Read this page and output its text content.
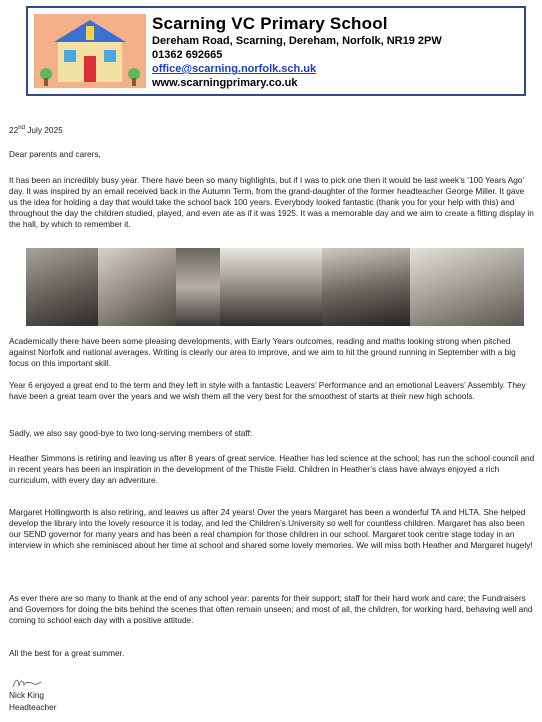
Scarning VC Primary School
Dereham Road, Scarning, Dereham, Norfolk, NR19 2PW
01362 692665
office@scarning.norfolk.sch.uk
www.scarningprimary.co.uk
22nd July 2025
Dear parents and carers,

It has been an incredibly busy year. There have been so many highlights, but if I was to pick one then it would be last week’s ‘100 Years Ago’ day. It was inspired by an email received back in the Autumn Term, from the grand-daughter of the former headteacher George Miller. It gave us the idea for holding a day that would take the school back 100 years. Everybody looked fantastic (thank you for your help with this) and throughout the day the children studied, played, and even ate as if it was 1925. It was a memorable day and we aim to create a fitting display in the hall, by which to remember it.

Academically there have been some pleasing developments, with Early Years outcomes, reading and maths looking strong when pitched against Norfolk and national averages. Writing is clearly our area to improve, and we aim to hit the ground running in September with a big focus on this important skill.

Year 6 enjoyed a great end to the term and they left in style with a fantastic Leavers’ Performance and an emotional Leavers’ Assembly. They have been a great team over the years and we wish them all the very best for the smoothest of starts at their new high schools.

Sadly, we also say good-bye to two long-serving members of staff:

Heather Simmons is retiring and leaving us after 8 years of great service. Heather has led science at the school; has run the school council and in recent years has been an inspiration in the development of the Thistle Field. Children in Heather’s class have always enjoyed a rich curriculum, with every day an adventure.

Margaret Hollingworth is also retiring, and leaves us after 24 years! Over the years Margaret has been a wonderful TA and HLTA. She helped develop the library into the lovely resource it is today, and led the Children’s University so well for countless children. Margaret has also been our SEND governor for many years and has been a real champion for those children in our school. Margaret took centre stage today in an interview in which she reminisced about her time at school and shared some lovely memories. We will miss both Heather and Margaret hugely!

As ever there are so many to thank at the end of any school year: parents for their support; staff for their hard work and care; the Fundraisers and Governors for doing the bits behind the scenes that often remain unseen; and most of all, the children, for working hard, behaving well and coming to school each day with a positive attitude.

All the best for a great summer.

Nick King
Headteacher
